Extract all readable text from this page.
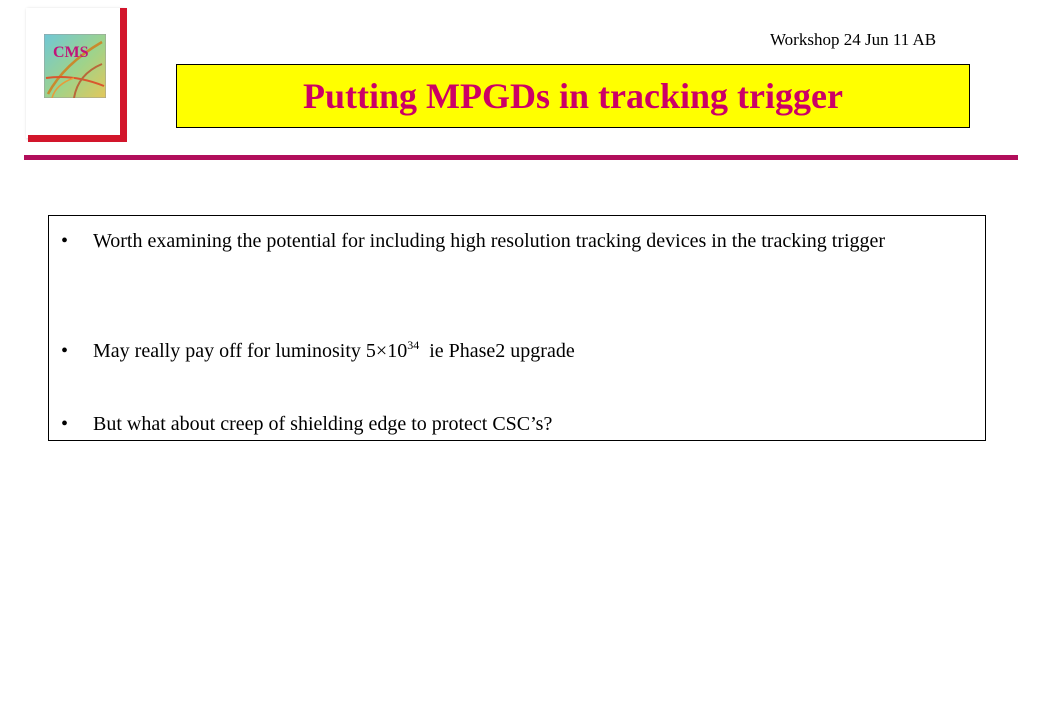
CMS
Workshop 24 Jun 11 AB
Putting MPGDs in tracking trigger
•	Worth examining the potential for including high resolution tracking devices in the tracking trigger
•	May really pay off for luminosity $5\times 10^{34}$  ie Phase2 upgrade
•	But what about creep of shielding edge to protect CSC’s?
